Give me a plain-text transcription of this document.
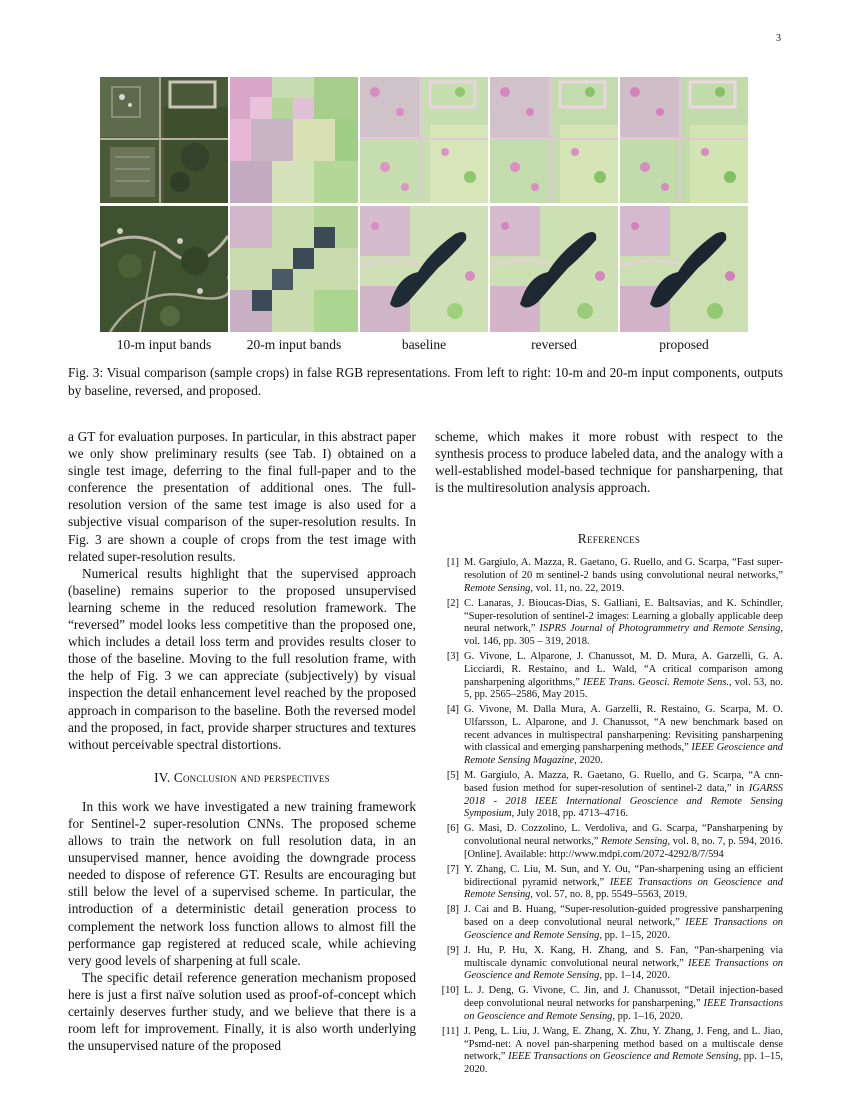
3
10-m input bands	20-m input bands	baseline	reversed	proposed
Fig. 3: Visual comparison (sample crops) in false RGB representations. From left to right: 10-m and 20-m input components, outputs by baseline, reversed, and proposed.

a GT for evaluation purposes. In particular, in this abstract paper we only show preliminary results (see Tab. I) obtained on a single test image, deferring to the final full-paper and to the conference the presentation of additional ones. The full-resolution version of the same test image is also used for a subjective visual comparison of the super-resolution results. In Fig. 3 are shown a couple of crops from the test image with related super-resolution results.

Numerical results highlight that the supervised approach (baseline) remains superior to the proposed unsupervised learning scheme in the reduced resolution framework. The “reversed” model looks less competitive than the proposed one, which includes a detail loss term and provides results closer to those of the baseline. Moving to the full resolution frame, with the help of Fig. 3 we can appreciate (subjectively) by visual inspection the detail enhancement level reached by the proposed approach in comparison to the baseline. Both the reversed model and the proposed, in fact, provide sharper structures and textures without perceivable spectral distortions.

IV. Conclusion and perspectives

In this work we have investigated a new training framework for Sentinel-2 super-resolution CNNs. The proposed scheme allows to train the network on full resolution data, in an unsupervised manner, hence avoiding the downgrade process needed to dispose of reference GT. Results are encouraging but still below the level of a supervised scheme. In particular, the introduction of a deterministic detail generation process to complement the network loss function allows to almost fill the performance gap registered at reduced scale, while achieving very good levels of sharpening at full scale.

The specific detail reference generation mechanism proposed here is just a first naïve solution used as proof-of-concept which certainly deserves further study, and we believe that there is a room left for improvement. Finally, it is also worth underlying the unsupervised nature of the proposed

scheme, which makes it more robust with respect to the synthesis process to produce labeled data, and the analogy with a well-established model-based technique for pansharpening, that is the multiresolution analysis approach.

References
[1] M. Gargiulo, A. Mazza, R. Gaetano, G. Ruello, and G. Scarpa, “Fast super-resolution of 20 m sentinel-2 bands using convolutional neural networks,” Remote Sensing, vol. 11, no. 22, 2019.
[2] C. Lanaras, J. Bioucas-Dias, S. Galliani, E. Baltsavias, and K. Schindler, “Super-resolution of sentinel-2 images: Learning a globally applicable deep neural network,” ISPRS Journal of Photogrammetry and Remote Sensing, vol. 146, pp. 305 – 319, 2018.
[3] G. Vivone, L. Alparone, J. Chanussot, M. D. Mura, A. Garzelli, G. A. Licciardi, R. Restaino, and L. Wald, “A critical comparison among pansharpening algorithms,” IEEE Trans. Geosci. Remote Sens., vol. 53, no. 5, pp. 2565–2586, May 2015.
[4] G. Vivone, M. Dalla Mura, A. Garzelli, R. Restaino, G. Scarpa, M. O. Ulfarsson, L. Alparone, and J. Chanussot, “A new benchmark based on recent advances in multispectral pansharpening: Revisiting pansharpening with classical and emerging pansharpening methods,” IEEE Geoscience and Remote Sensing Magazine, 2020.
[5] M. Gargiulo, A. Mazza, R. Gaetano, G. Ruello, and G. Scarpa, “A cnn-based fusion method for super-resolution of sentinel-2 data,” in IGARSS 2018 - 2018 IEEE International Geoscience and Remote Sensing Symposium, July 2018, pp. 4713–4716.
[6] G. Masi, D. Cozzolino, L. Verdoliva, and G. Scarpa, “Pansharpening by convolutional neural networks,” Remote Sensing, vol. 8, no. 7, p. 594, 2016. [Online]. Available: http://www.mdpi.com/2072-4292/8/7/594
[7] Y. Zhang, C. Liu, M. Sun, and Y. Ou, “Pan-sharpening using an efficient bidirectional pyramid network,” IEEE Transactions on Geoscience and Remote Sensing, vol. 57, no. 8, pp. 5549–5563, 2019.
[8] J. Cai and B. Huang, “Super-resolution-guided progressive pansharpening based on a deep convolutional neural network,” IEEE Transactions on Geoscience and Remote Sensing, pp. 1–15, 2020.
[9] J. Hu, P. Hu, X. Kang, H. Zhang, and S. Fan, “Pan-sharpening via multiscale dynamic convolutional neural network,” IEEE Transactions on Geoscience and Remote Sensing, pp. 1–14, 2020.
[10] L. J. Deng, G. Vivone, C. Jin, and J. Chanussot, “Detail injection-based deep convolutional neural networks for pansharpening,” IEEE Transactions on Geoscience and Remote Sensing, pp. 1–16, 2020.
[11] J. Peng, L. Liu, J. Wang, E. Zhang, X. Zhu, Y. Zhang, J. Feng, and L. Jiao, “Psmd-net: A novel pan-sharpening method based on a multiscale dense network,” IEEE Transactions on Geoscience and Remote Sensing, pp. 1–15, 2020.
